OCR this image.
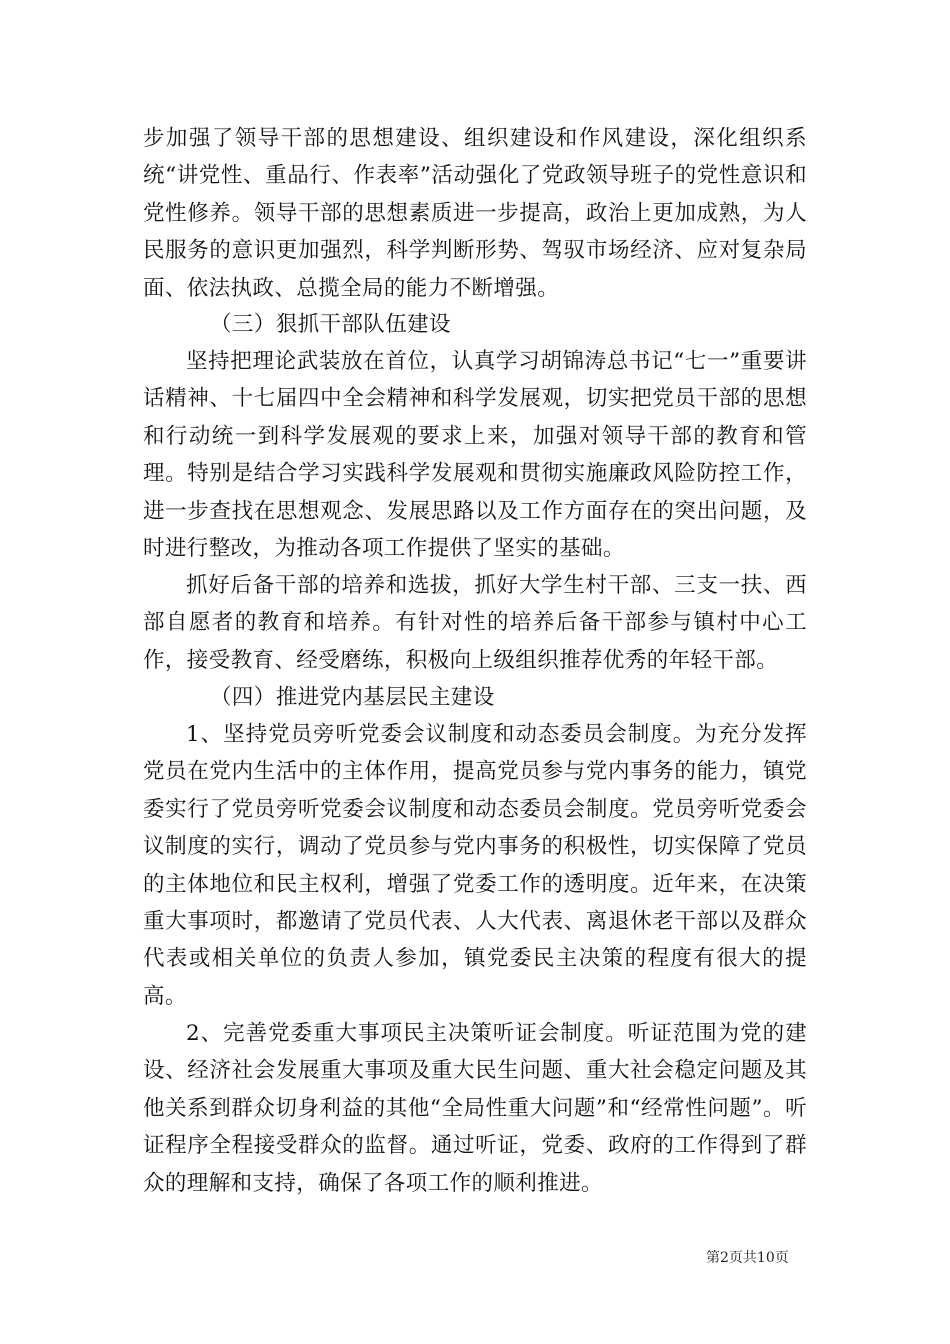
步加强了领导干部的思想建设、组织建设和作风建设，深化组织系统“讲党性、重品行、作表率”活动强化了党政领导班子的党性意识和党性修养。领导干部的思想素质进一步提高，政治上更加成熟，为人民服务的意识更加强烈，科学判断形势、驾驭市场经济、应对复杂局面、依法执政、总揽全局的能力不断增强。

（三）狠抓干部队伍建设

坚持把理论武装放在首位，认真学习胡锦涛总书记“七一”重要讲话精神、十七届四中全会精神和科学发展观，切实把党员干部的思想和行动统一到科学发展观的要求上来，加强对领导干部的教育和管理。特别是结合学习实践科学发展观和贯彻实施廉政风险防控工作，进一步查找在思想观念、发展思路以及工作方面存在的突出问题，及时进行整改，为推动各项工作提供了坚实的基础。

抓好后备干部的培养和选拔，抓好大学生村干部、三支一扶、西部自愿者的教育和培养。有针对性的培养后备干部参与镇村中心工作，接受教育、经受磨练，积极向上级组织推荐优秀的年轻干部。

（四）推进党内基层民主建设

1、坚持党员旁听党委会议制度和动态委员会制度。为充分发挥党员在党内生活中的主体作用，提高党员参与党内事务的能力，镇党委实行了党员旁听党委会议制度和动态委员会制度。党员旁听党委会议制度的实行，调动了党员参与党内事务的积极性，切实保障了党员的主体地位和民主权利，增强了党委工作的透明度。近年来，在决策重大事项时，都邀请了党员代表、人大代表、离退休老干部以及群众代表或相关单位的负责人参加，镇党委民主决策的程度有很大的提高。

2、完善党委重大事项民主决策听证会制度。听证范围为党的建设、经济社会发展重大事项及重大民生问题、重大社会稳定问题及其他关系到群众切身利益的其他“全局性重大问题”和“经常性问题”。听证程序全程接受群众的监督。通过听证，党委、政府的工作得到了群众的理解和支持，确保了各项工作的顺利推进。

第2页共10页
